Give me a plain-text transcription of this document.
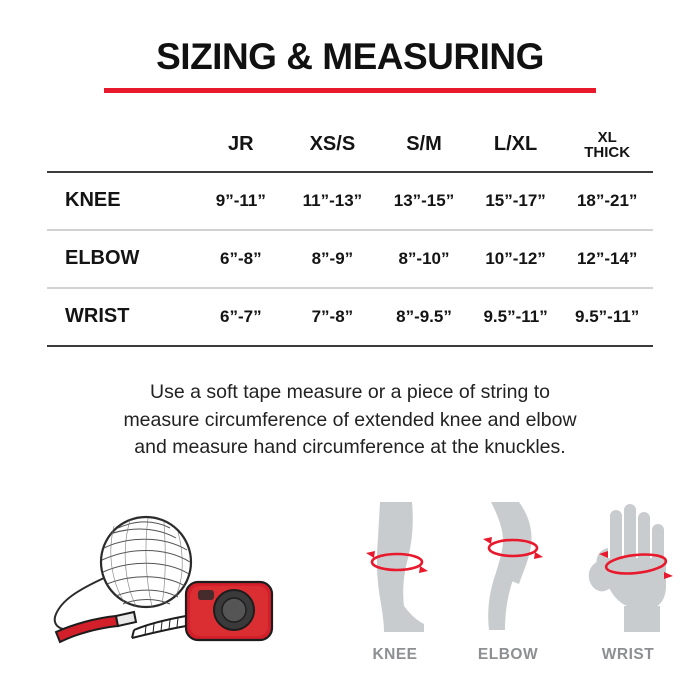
SIZING & MEASURING
	JR	XS/S	S/M	L/XL	XL
THICK

KNEE	9”-11”	11”-13”	13”-15”	15”-17”	18”-21”
ELBOW	6”-8”	8”-9”	8”-10”	10”-12”	12”-14”
WRIST	6”-7”	7”-8”	8”-9.5”	9.5”-11”	9.5”-11”
Use a soft tape measure or a piece of string to
measure circumference of extended knee and elbow
and measure hand circumference at the knuckles.
KNEE	ELBOW	WRIST
